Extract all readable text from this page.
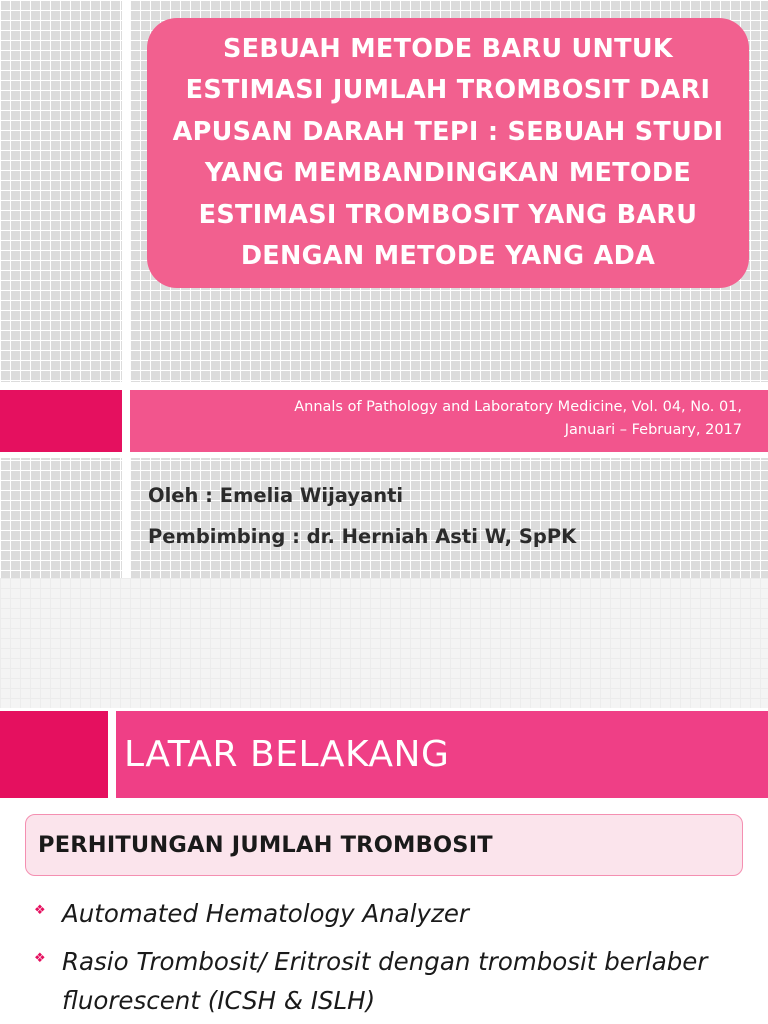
SEBUAH METODE BARU UNTUK
ESTIMASI JUMLAH TROMBOSIT DARI
APUSAN DARAH TEPI : SEBUAH STUDI
YANG MEMBANDINGKAN METODE
ESTIMASI TROMBOSIT YANG BARU
DENGAN METODE YANG ADA
Annals of Pathology and Laboratory Medicine, Vol. 04, No. 01,
Januari – February, 2017
Oleh : Emelia Wijayanti
Pembimbing : dr. Herniah Asti W, SpPK
LATAR BELAKANG
PERHITUNGAN JUMLAH TROMBOSIT
❖ Automated Hematology Analyzer
❖ Rasio Trombosit/ Eritrosit dengan trombosit berlaber fluorescent (ICSH & ISLH)
